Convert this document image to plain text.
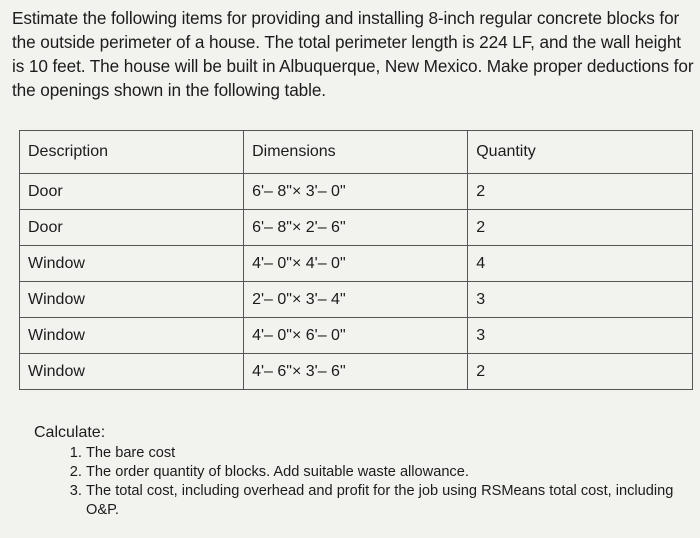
Estimate the following items for providing and installing 8-inch regular concrete blocks for the outside perimeter of a house. The total perimeter length is 224 LF, and the wall height is 10 feet. The house will be built in Albuquerque, New Mexico. Make proper deductions for the openings shown in the following table.

Description	Dimensions	Quantity
Door	6'– 8"× 3'– 0"	2
Door	6'– 8"× 2'– 6"	2
Window	4'– 0"× 4'– 0"	4
Window	2'– 0"× 3'– 4"	3
Window	4'– 0"× 6'– 0"	3
Window	4'– 6"× 3'– 6"	2

Calculate:

1. The bare cost
2. The order quantity of blocks. Add suitable waste allowance.
3. The total cost, including overhead and profit for the job using RSMeans total cost, including O&P.
